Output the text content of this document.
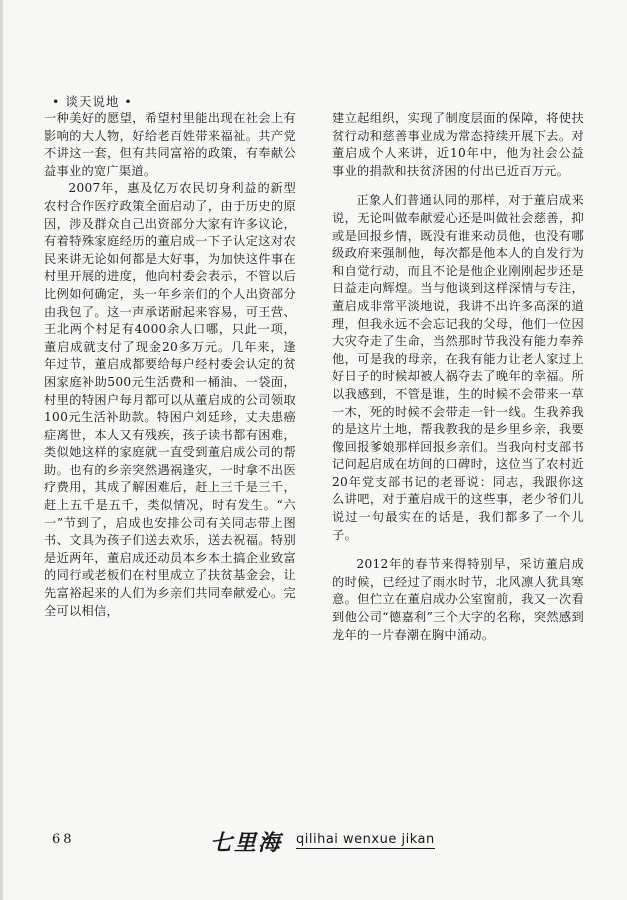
• 谈天说地 •

一种美好的愿望，希望村里能出现在社会上有影响的大人物，好给老百姓带来福祉。共产党不讲这一套，但有共同富裕的政策，有奉献公益事业的宽广渠道。

2007年，惠及亿万农民切身利益的新型农村合作医疗政策全面启动了，由于历史的原因，涉及群众自己出资部分大家有许多议论，有着特殊家庭经历的董启成一下子认定这对农民来讲无论如何都是大好事，为加快这件事在村里开展的进度，他向村委会表示，不管以后比例如何确定，头一年乡亲们的个人出资部分由我包了。这一声承诺耐起来容易，可王营、王北两个村足有4000余人口哪，只此一项，董启成就支付了现金20多万元。几年来，逢年过节，董启成都要给每户经村委会认定的贫困家庭补助500元生活费和一桶油、一袋面，村里的特困户每月都可以从董启成的公司领取100元生活补助款。特困户刘廷珍，丈夫患癌症离世，本人又有残疾，孩子读书都有困难，类似她这样的家庭就一直受到董启成公司的帮助。也有的乡亲突然遇祸逢灾，一时拿不出医疗费用，其成了解困难后，赶上三千是三千，赶上五千是五千，类似情况，时有发生。“六一”节到了，启成也安排公司有关同志带上图书、文具为孩子们送去欢乐，送去祝福。特别是近两年，董启成还动员本乡本土搞企业致富的同行或老板们在村里成立了扶贫基金会，让先富裕起来的人们为乡亲们共同奉献爱心。完全可以相信，

建立起组织，实现了制度层面的保障，将使扶贫行动和慈善事业成为常态持续开展下去。对董启成个人来讲，近10年中，他为社会公益事业的捐款和扶贫济困的付出已近百万元。

正象人们普通认同的那样，对于董启成来说，无论叫做奉献爱心还是叫做社会慈善，抑或是回报乡情，既没有谁来动员他，也没有哪级政府来强制他，每次都是他本人的自发行为和自觉行动，而且不论是他企业刚刚起步还是日益走向辉煌。当与他谈到这样深情与专注，董启成非常平淡地说，我讲不出许多高深的道理，但我永远不会忘记我的父母，他们一位因大灾夺走了生命，当然那时节我没有能力奉养他，可是我的母亲，在我有能力让老人家过上好日子的时候却被人祸夺去了晚年的幸福。所以我感到，不管是谁，生的时候不会带来一草一木，死的时候不会带走一针一线。生我养我的是这片土地，帮我教我的是乡里乡亲，我要像回报爹娘那样回报乡亲们。当我向村支部书记问起启成在坊间的口碑时，这位当了农村近20年党支部书记的老哥说：同志，我跟你这么讲吧，对于董启成干的这些事，老少爷们儿说过一句最实在的话是，我们都多了一个儿子。

2012年的春节来得特别早，采访董启成的时候，已经过了雨水时节，北风凛人犹具寒意。但伫立在董启成办公室窗前，我又一次看到他公司“德嘉利”三个大字的名称，突然感到龙年的一片春潮在胸中涌动。

68	七里海 qilihai wenxue jikan
